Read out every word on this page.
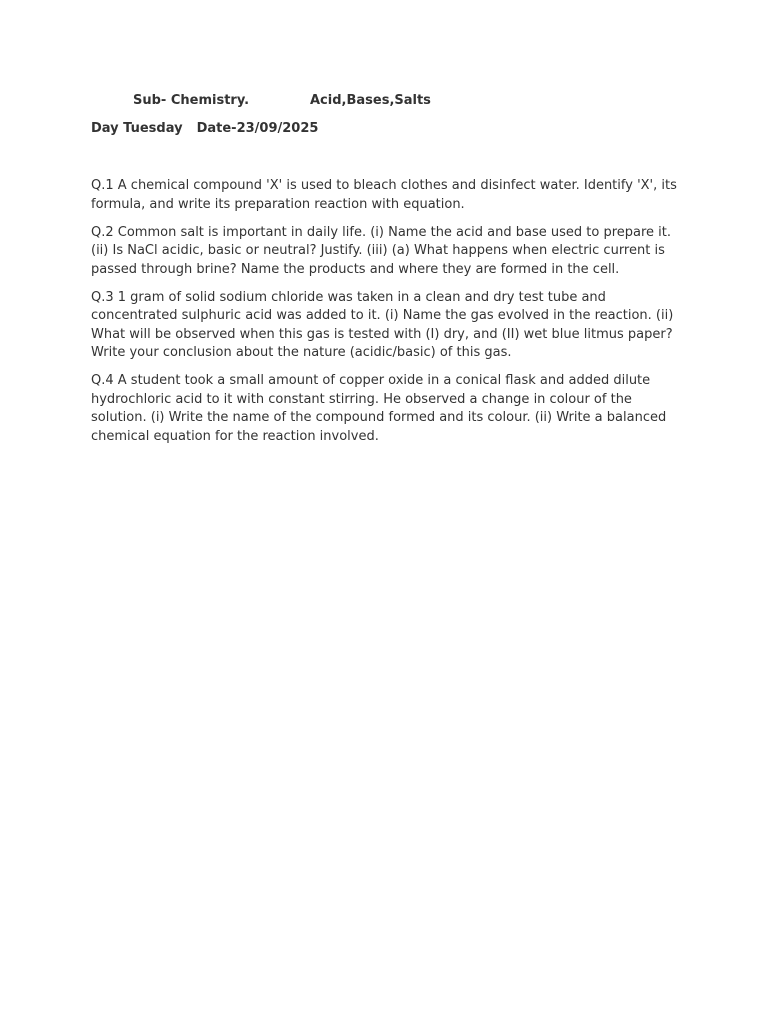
Sub- Chemistry.	Acid,Bases,Salts
Day Tuesday Date-23/09/2025

Q.1 A chemical compound 'X' is used to bleach clothes and disinfect water. Identify 'X', its formula, and write its preparation reaction with equation.

Q.2 Common salt is important in daily life. (i) Name the acid and base used to prepare it. (ii) Is NaCl acidic, basic or neutral? Justify. (iii) (a) What happens when electric current is passed through brine? Name the products and where they are formed in the cell.

Q.3 1 gram of solid sodium chloride was taken in a clean and dry test tube and concentrated sulphuric acid was added to it. (i) Name the gas evolved in the reaction. (ii) What will be observed when this gas is tested with (I) dry, and (II) wet blue litmus paper? Write your conclusion about the nature (acidic/basic) of this gas.

Q.4 A student took a small amount of copper oxide in a conical flask and added dilute hydrochloric acid to it with constant stirring. He observed a change in colour of the solution. (i) Write the name of the compound formed and its colour. (ii) Write a balanced chemical equation for the reaction involved.
